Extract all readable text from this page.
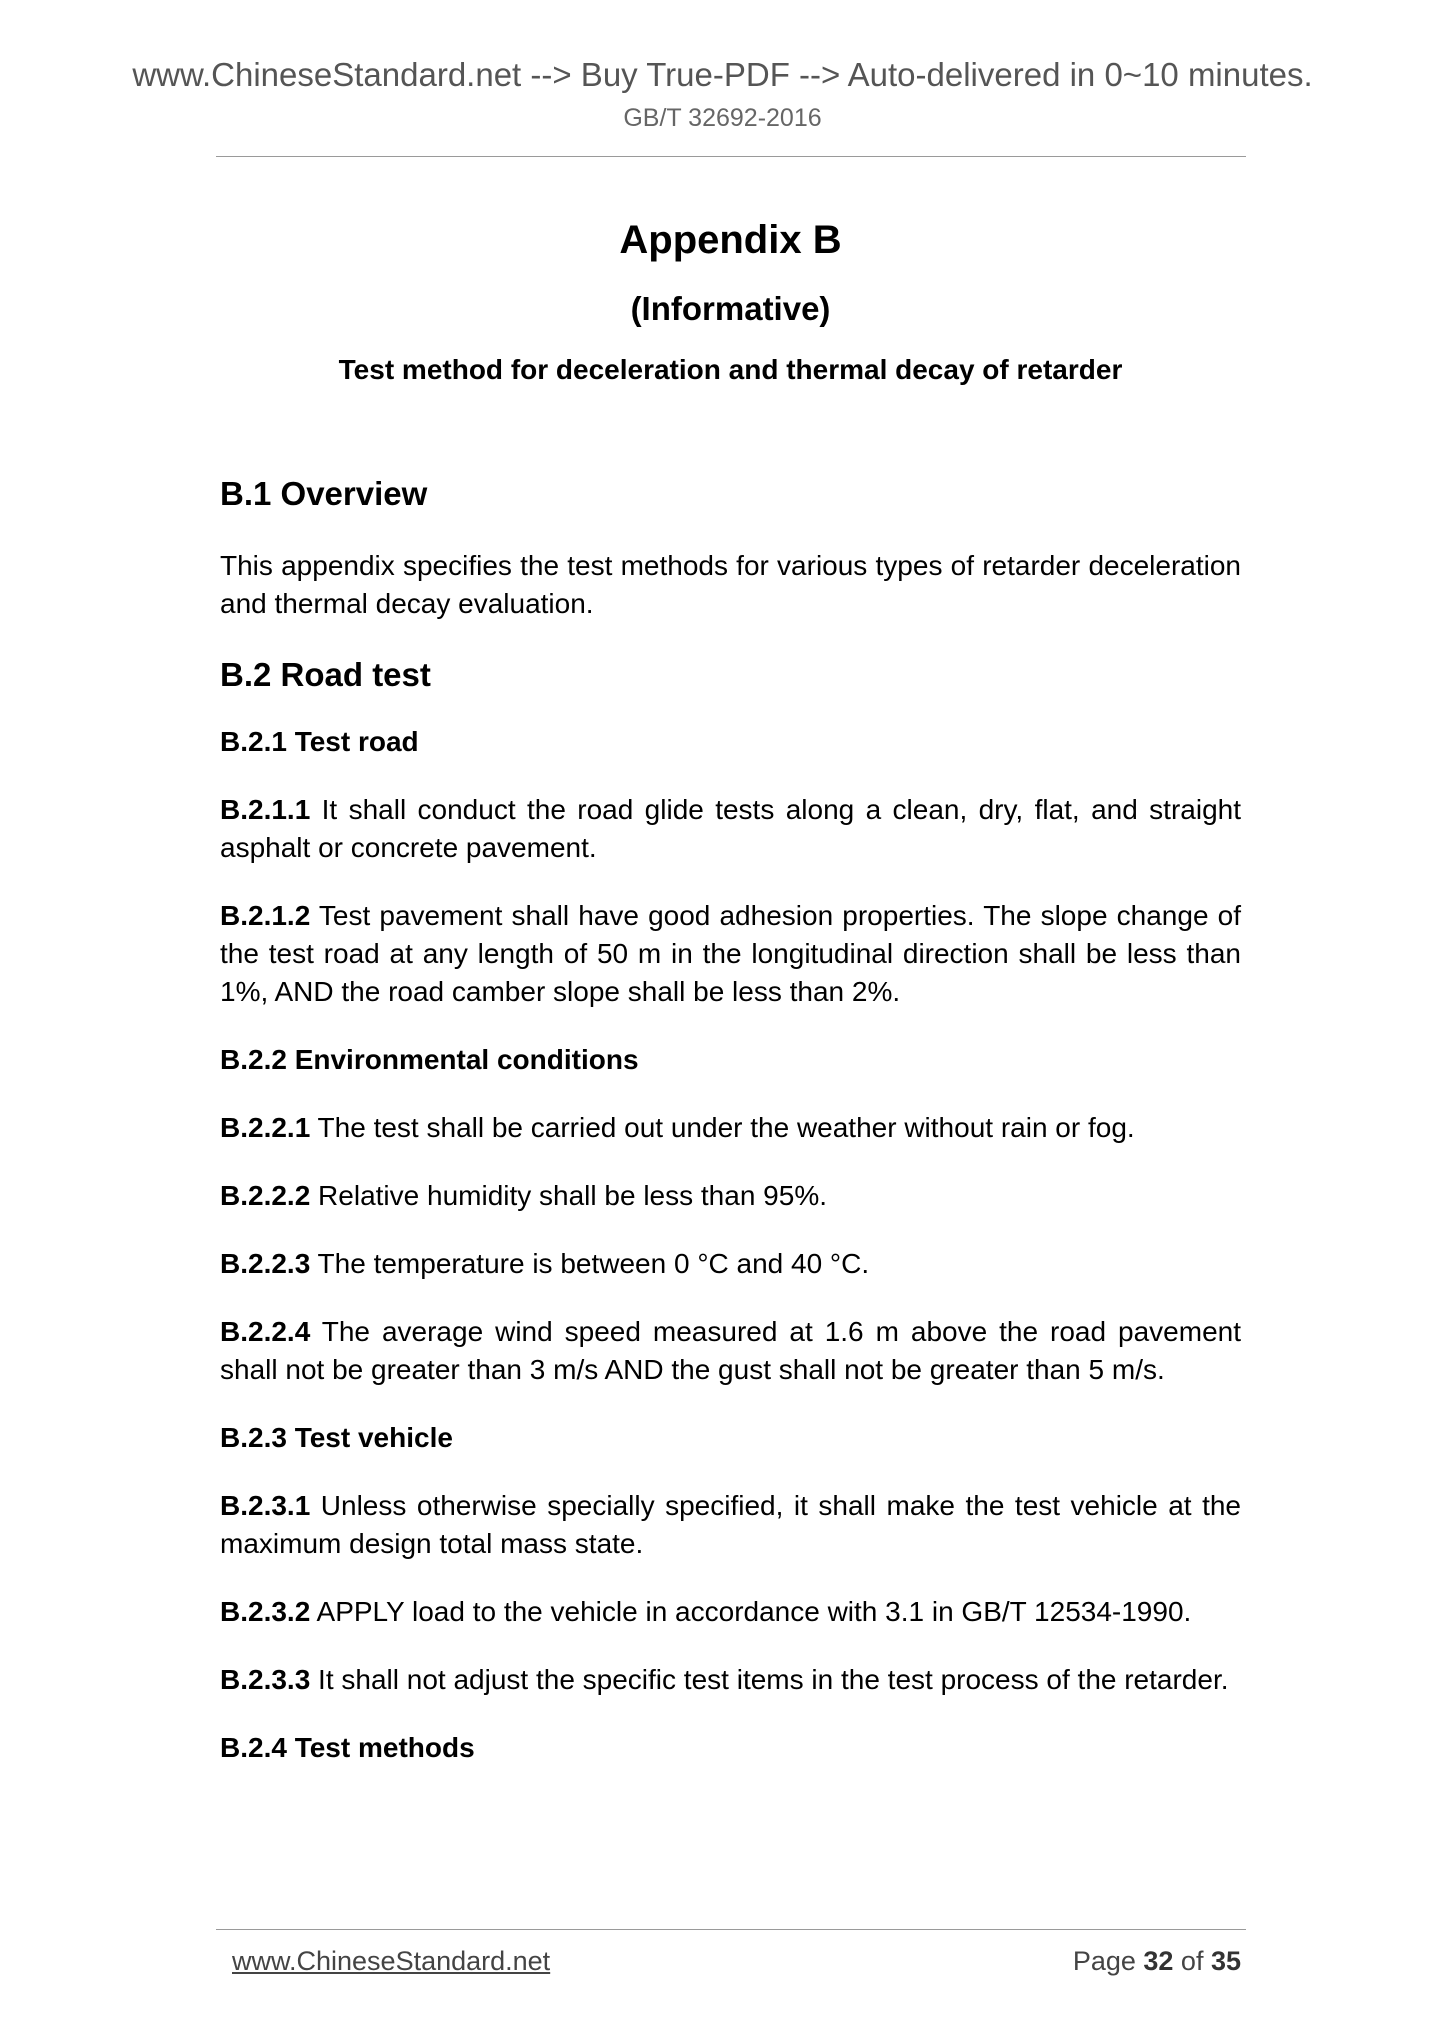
www.ChineseStandard.net --> Buy True-PDF --> Auto-delivered in 0~10 minutes.
GB/T 32692-2016
Appendix B
(Informative)
Test method for deceleration and thermal decay of retarder
B.1 Overview

This appendix specifies the test methods for various types of retarder deceleration and thermal decay evaluation.

B.2 Road test
B.2.1 Test road

B.2.1.1 It shall conduct the road glide tests along a clean, dry, flat, and straight asphalt or concrete pavement.

B.2.1.2 Test pavement shall have good adhesion properties. The slope change of the test road at any length of 50 m in the longitudinal direction shall be less than 1%, AND the road camber slope shall be less than 2%.

B.2.2 Environmental conditions

B.2.2.1 The test shall be carried out under the weather without rain or fog.

B.2.2.2 Relative humidity shall be less than 95%.

B.2.2.3 The temperature is between 0 °C and 40 °C.

B.2.2.4 The average wind speed measured at 1.6 m above the road pavement shall not be greater than 3 m/s AND the gust shall not be greater than 5 m/s.

B.2.3 Test vehicle

B.2.3.1 Unless otherwise specially specified, it shall make the test vehicle at the maximum design total mass state.

B.2.3.2 APPLY load to the vehicle in accordance with 3.1 in GB/T 12534-1990.

B.2.3.3 It shall not adjust the specific test items in the test process of the retarder.

B.2.4 Test methods
www.ChineseStandard.net	Page 32 of 35
